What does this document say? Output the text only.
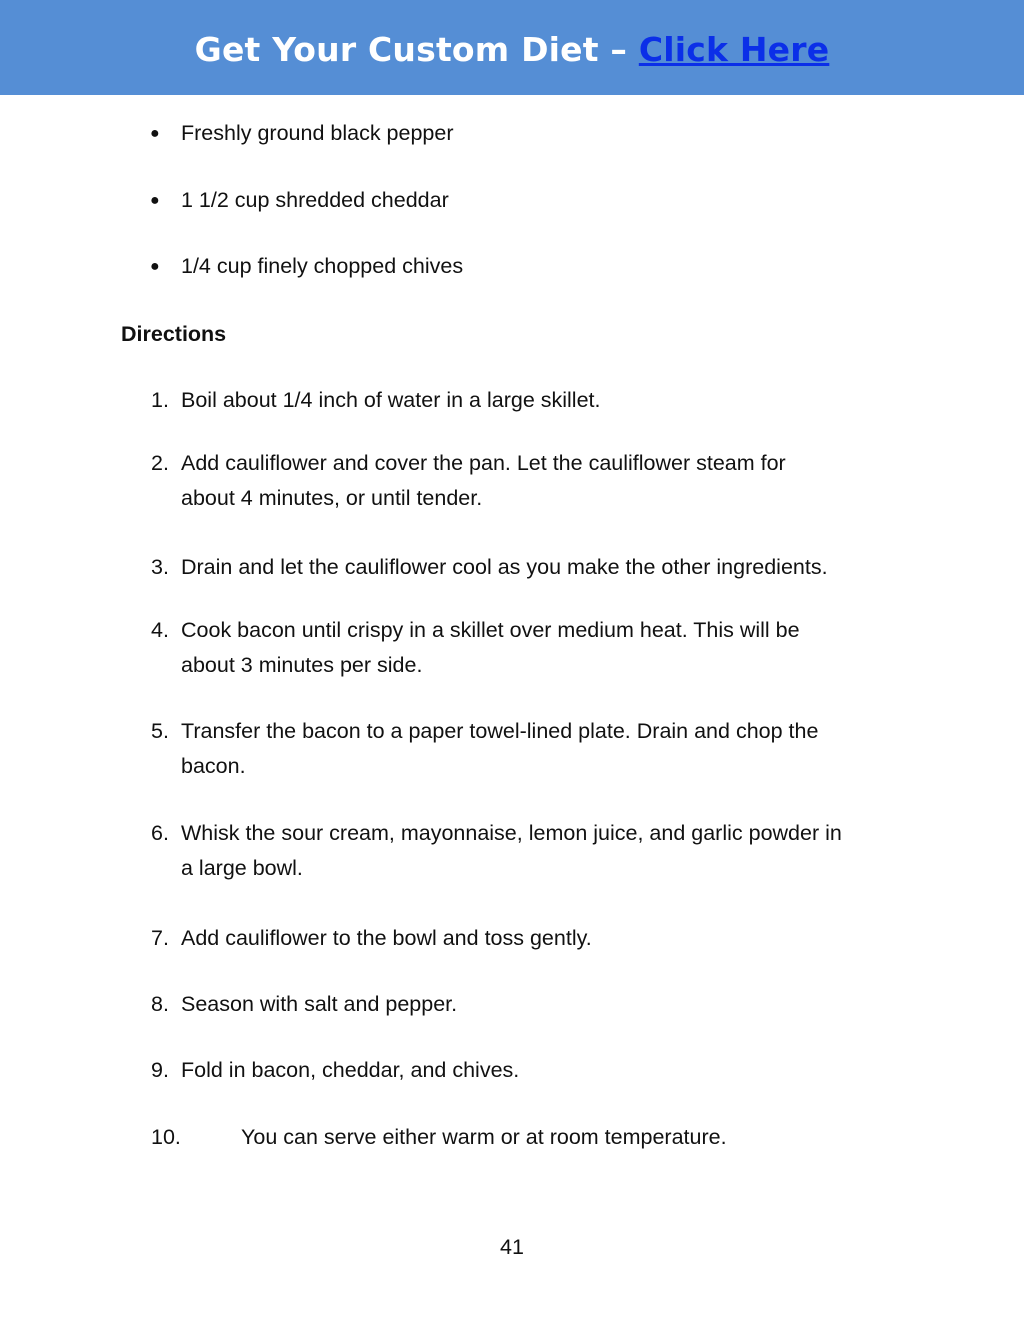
Get Your Custom Diet – Click Here
● Freshly ground black pepper
● 1 1/2 cup shredded cheddar
● 1/4 cup finely chopped chives
Directions
1. Boil about 1/4 inch of water in a large skillet.
2. Add cauliflower and cover the pan. Let the cauliflower steam for
about 4 minutes, or until tender.
3. Drain and let the cauliflower cool as you make the other ingredients.
4. Cook bacon until crispy in a skillet over medium heat. This will be
about 3 minutes per side.
5. Transfer the bacon to a paper towel-lined plate. Drain and chop the
bacon.
6. Whisk the sour cream, mayonnaise, lemon juice, and garlic powder in
a large bowl.
7. Add cauliflower to the bowl and toss gently.
8. Season with salt and pepper.
9. Fold in bacon, cheddar, and chives.
10.	You can serve either warm or at room temperature.
41
